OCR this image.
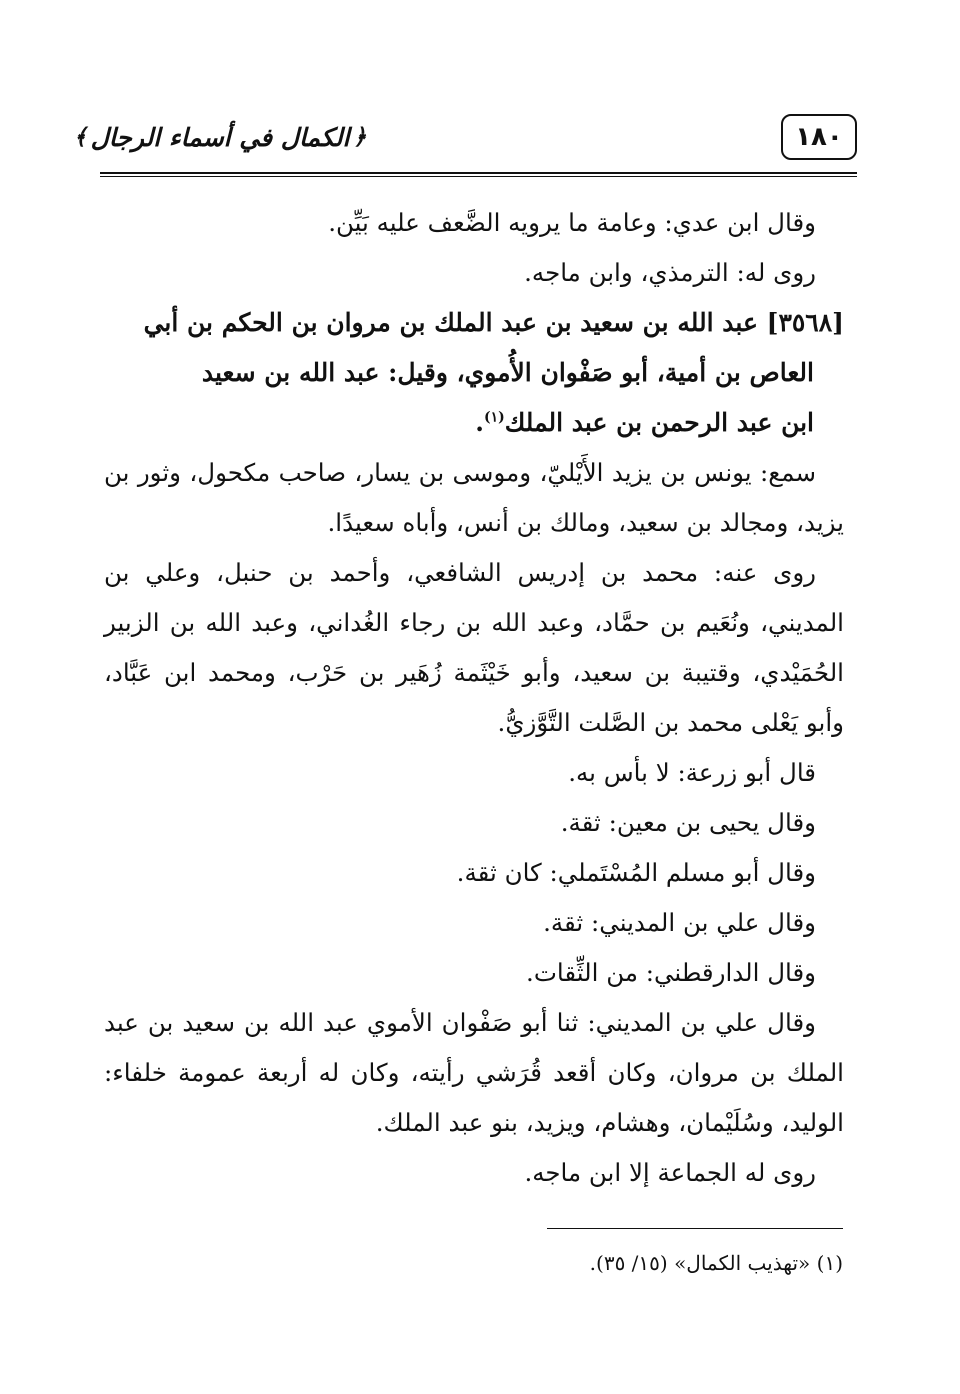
﴿
الكمال في أسماء الرجال
﴾	١٨٠

وقال ابن عدي: وعامة ما يرويه الضَّعف عليه بَيِّن.

روى له: الترمذي، وابن ماجه.

[٣٥٦٨] عبد الله بن سعيد بن عبد الملك بن مروان بن الحكم بن أبي
العاص بن أمية، أبو صَفْوان الأُموي، وقيل: عبد الله بن سعيد
ابن عبد الرحمن بن عبد الملك$^{(١)}$.

سمع: يونس بن يزيد الأَيْليّ، وموسى بن يسار، صاحب مكحول، وثور بن يزيد، ومجالد بن سعيد، ومالك بن أنس، وأباه سعيدًا.

روى عنه: محمد بن إدريس الشافعي، وأحمد بن حنبل، وعلي بن المديني، ونُعَيم بن حمَّاد، وعبد الله بن رجاء الغُداني، وعبد الله بن الزبير الحُمَيْدي، وقتيبة بن سعيد، وأبو خَيْثَمة زُهَير بن حَرْب، ومحمد ابن عَبَّاد، وأبو يَعْلى محمد بن الصَّلت التَّوَّزيُّ.

قال أبو زرعة: لا بأس به.

وقال يحيى بن معين: ثقة.

وقال أبو مسلم المُسْتَملي: كان ثقة.

وقال علي بن المديني: ثقة.

وقال الدارقطني: من الثِّقات.

وقال علي بن المديني: ثنا أبو صَفْوان الأموي عبد الله بن سعيد بن عبد الملك بن مروان، وكان أقعد قُرَشي رأيته، وكان له أربعة عمومة خلفاء: الوليد، وسُلَيْمان، وهشام، ويزيد، بنو عبد الملك.

روى له الجماعة إلا ابن ماجه.

(١) «تهذيب الكمال» (١٥/ ٣٥).
